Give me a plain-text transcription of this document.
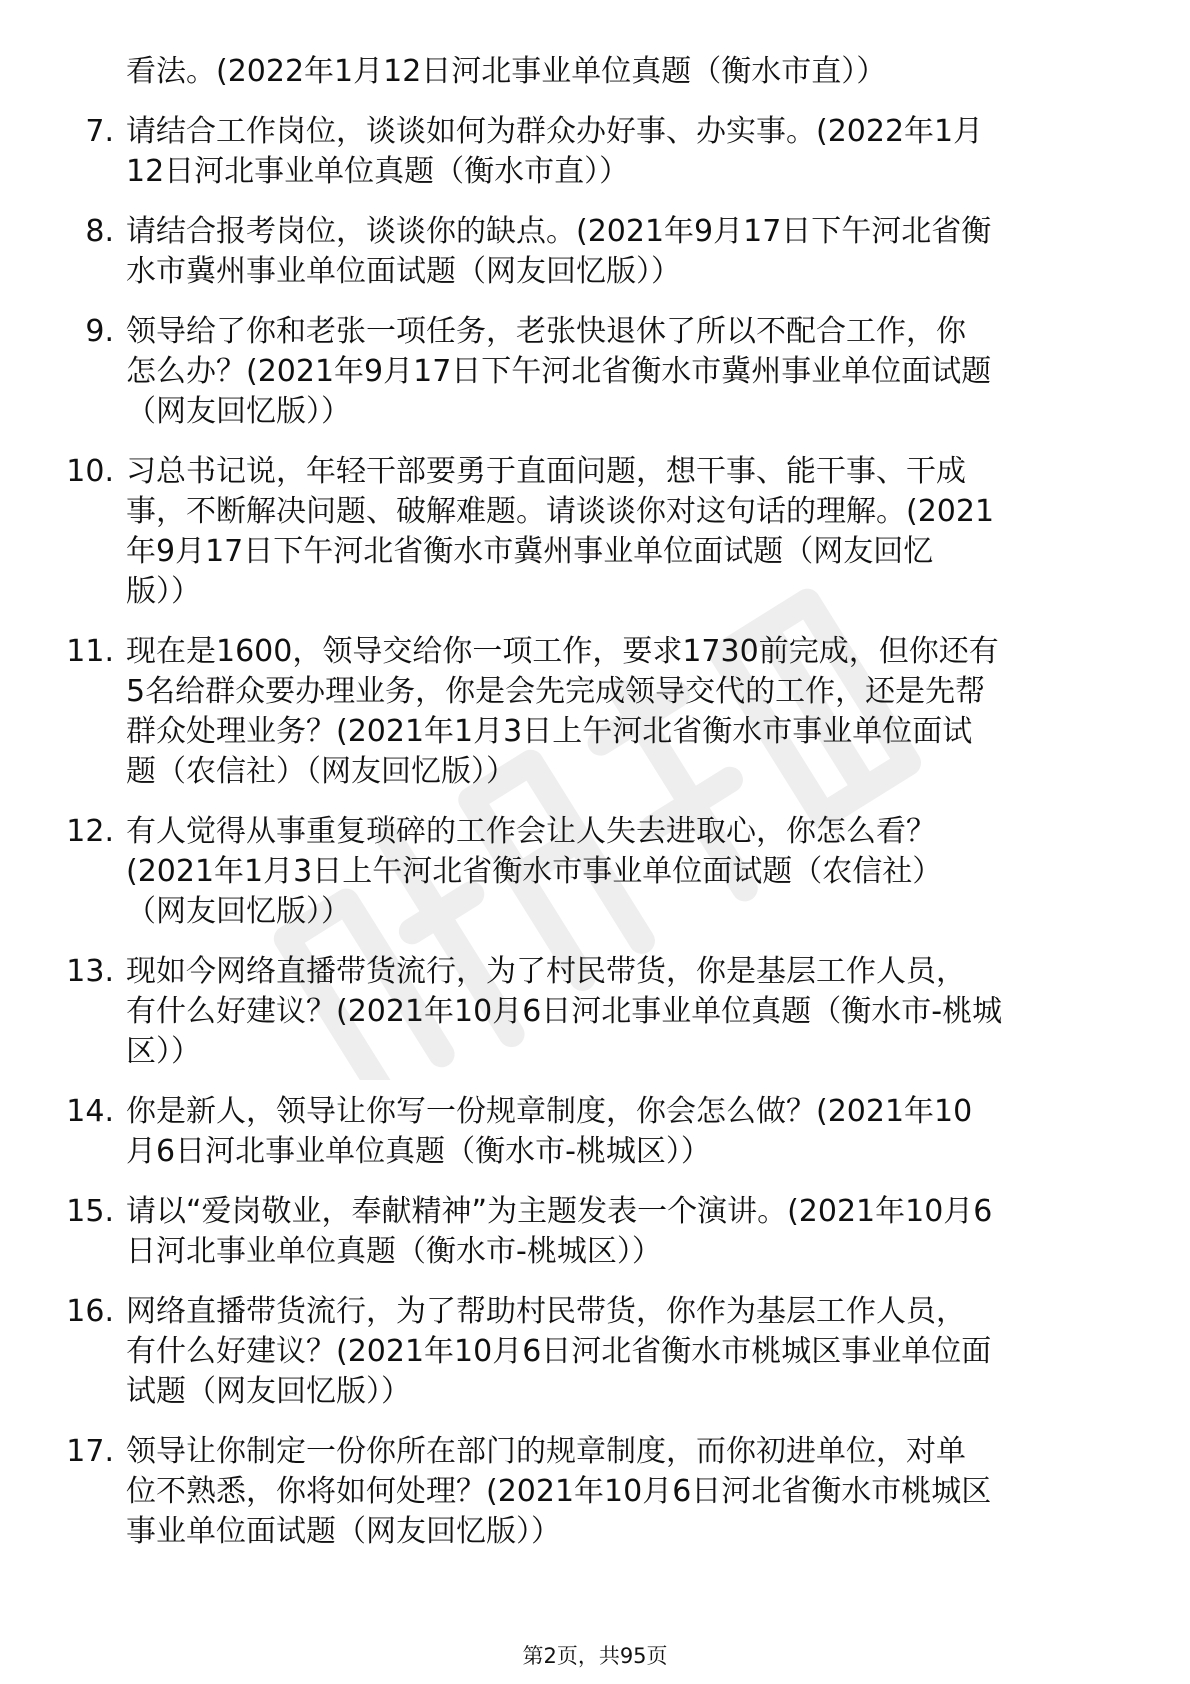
看法。(2022年1月12日河北事业单位真题（衡水市直））
7. 请结合工作岗位，谈谈如何为群众办好事、办实事。(2022年1月
12日河北事业单位真题（衡水市直））
8. 请结合报考岗位，谈谈你的缺点。(2021年9月17日下午河北省衡
水市冀州事业单位面试题（网友回忆版））
9. 领导给了你和老张一项任务，老张快退休了所以不配合工作，你
怎么办？(2021年9月17日下午河北省衡水市冀州事业单位面试题
（网友回忆版））
10. 习总书记说，年轻干部要勇于直面问题，想干事、能干事、干成
事，不断解决问题、破解难题。请谈谈你对这句话的理解。(2021
年9月17日下午河北省衡水市冀州事业单位面试题（网友回忆
版））
11. 现在是1600，领导交给你一项工作，要求1730前完成，但你还有
5名给群众要办理业务，你是会先完成领导交代的工作，还是先帮
群众处理业务？(2021年1月3日上午河北省衡水市事业单位面试
题（农信社）（网友回忆版））
12. 有人觉得从事重复琐碎的工作会让人失去进取心，你怎么看？
(2021年1月3日上午河北省衡水市事业单位面试题（农信社）
（网友回忆版））
13. 现如今网络直播带货流行，为了村民带货，你是基层工作人员，
有什么好建议？(2021年10月6日河北事业单位真题（衡水市-桃城
区））
14. 你是新人，领导让你写一份规章制度，你会怎么做？(2021年10
月6日河北事业单位真题（衡水市-桃城区））
15. 请以“爱岗敬业，奉献精神”为主题发表一个演讲。(2021年10月6
日河北事业单位真题（衡水市-桃城区））
16. 网络直播带货流行，为了帮助村民带货，你作为基层工作人员，
有什么好建议？(2021年10月6日河北省衡水市桃城区事业单位面
试题（网友回忆版））
17. 领导让你制定一份你所在部门的规章制度，而你初进单位，对单
位不熟悉，你将如何处理？(2021年10月6日河北省衡水市桃城区
事业单位面试题（网友回忆版））
第2页，共95页
